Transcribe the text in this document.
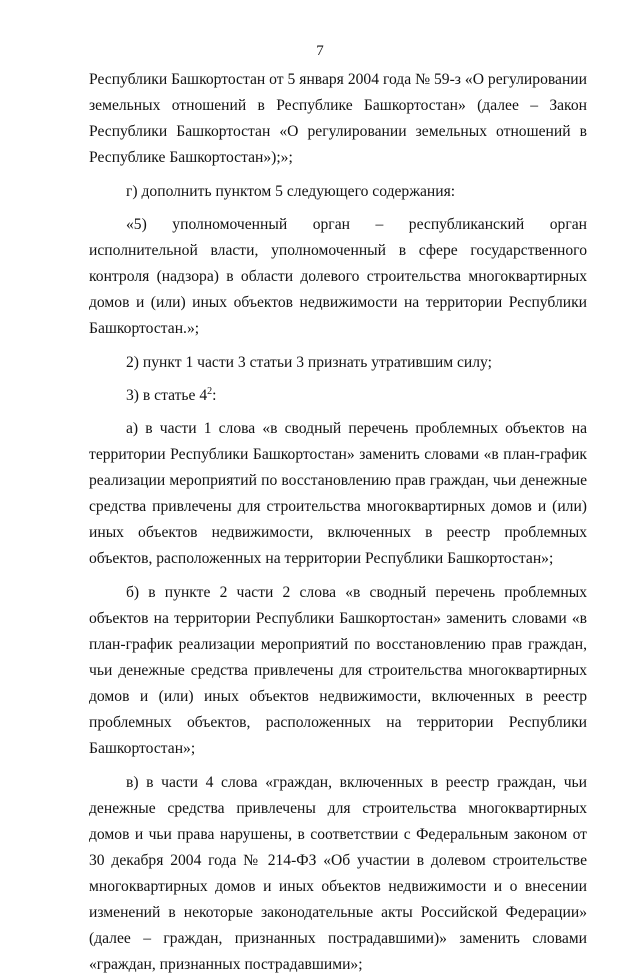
7

Республики Башкортостан от 5 января 2004 года № 59-з «О регулировании земельных отношений в Республике Башкортостан» (далее – Закон Республики Башкортостан «О регулировании земельных отношений в Республике Башкортостан»);»;

г) дополнить пунктом 5 следующего содержания:

«5) уполномоченный орган – республиканский орган исполнительной власти, уполномоченный в сфере государственного контроля (надзора) в области долевого строительства многоквартирных домов и (или) иных объектов недвижимости на территории Республики Башкортостан.»;

2) пункт 1 части 3 статьи 3 признать утратившим силу;

3) в статье $4^2$:

а) в части 1 слова «в сводный перечень проблемных объектов на территории Республики Башкортостан» заменить словами «в план-график реализации мероприятий по восстановлению прав граждан, чьи денежные средства привлечены для строительства многоквартирных домов и (или) иных объектов недвижимости, включенных в реестр проблемных объектов, расположенных на территории Республики Башкортостан»;

б) в пункте 2 части 2 слова «в сводный перечень проблемных объектов на территории Республики Башкортостан» заменить словами «в план-график реализации мероприятий по восстановлению прав граждан, чьи денежные средства привлечены для строительства многоквартирных домов и (или) иных объектов недвижимости, включенных в реестр проблемных объектов, расположенных на территории Республики Башкортостан»;

в) в части 4 слова «граждан, включенных в реестр граждан, чьи денежные средства привлечены для строительства многоквартирных домов и чьи права нарушены, в соответствии с Федеральным законом от 30 декабря 2004 года № 214-ФЗ «Об участии в долевом строительстве многоквартирных домов и иных объектов недвижимости и о внесении изменений в некоторые законодательные акты Российской Федерации» (далее – граждан, признанных пострадавшими)» заменить словами «граждан, признанных пострадавшими»;
